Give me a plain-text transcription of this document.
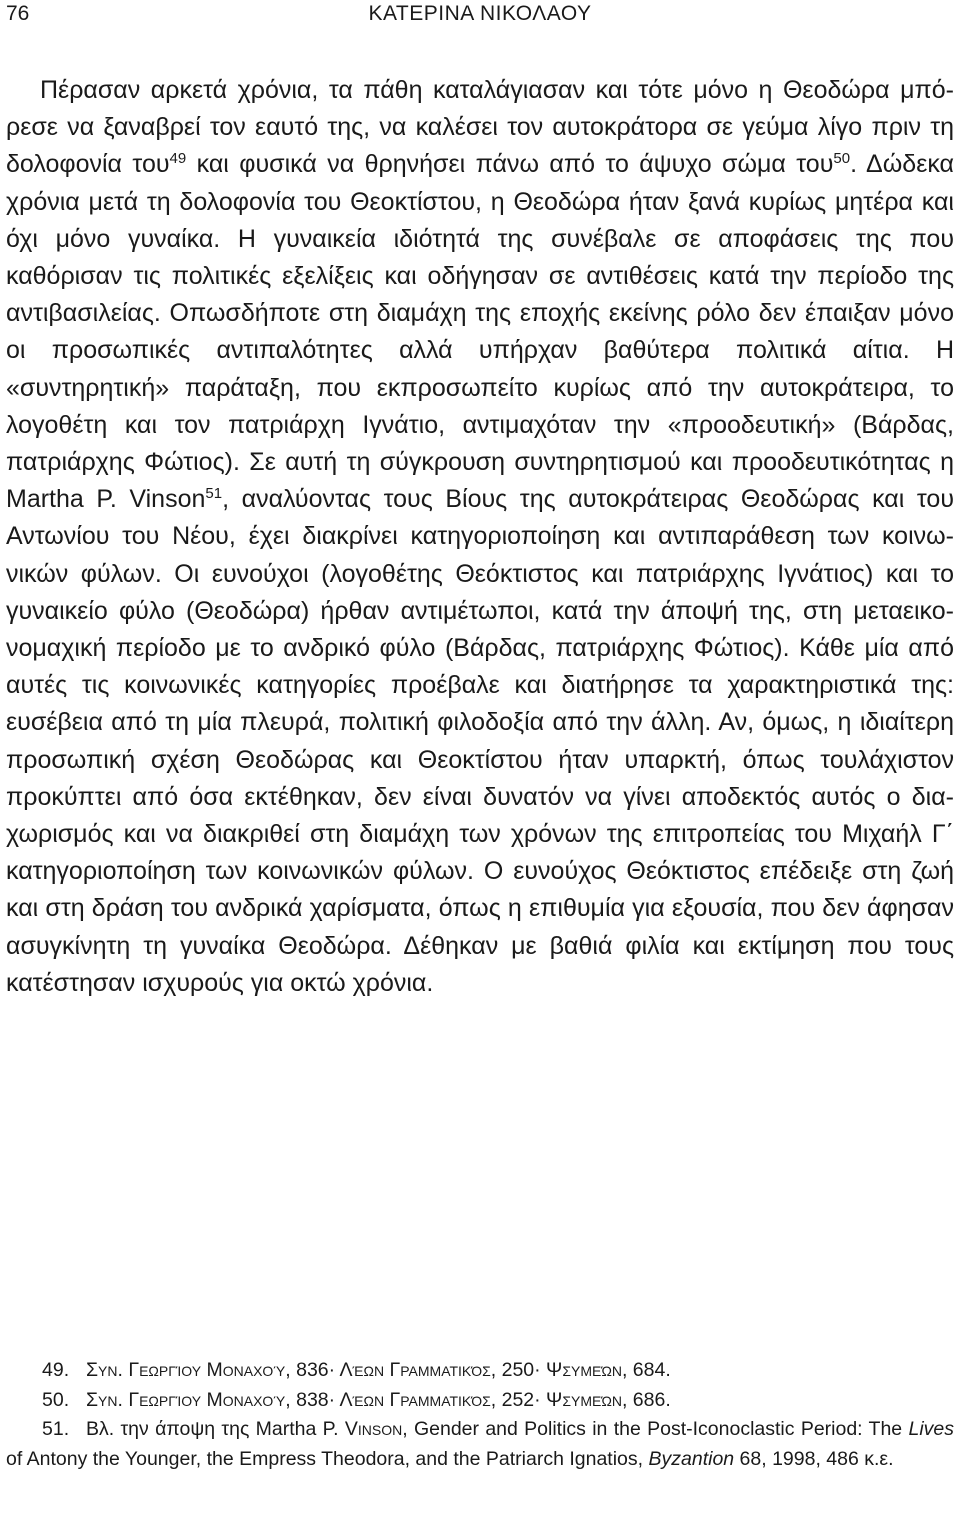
76	ΚΑΤΕΡΙΝΑ ΝΙΚΟΛΑΟΥ

Πέρασαν αρκετά χρόνια, τα πάθη καταλάγιασαν και τότε μόνο η Θεοδώρα μπόρεσε να ξαναβρεί τον εαυτό της, να καλέσει τον αυτοκράτορα σε γεύμα λίγο πριν τη δολοφονία του$^{49}$ και φυσικά να θρηνήσει πάνω από το άψυχο σώμα του$^{50}$. Δώδεκα χρόνια μετά τη δολοφονία του Θεοκτίστου, η Θεοδώρα ήταν ξανά κυρίως μητέρα και όχι μόνο γυναίκα. Η γυναικεία ιδιότητά της συνέβαλε σε αποφάσεις της που καθόρισαν τις πολιτικές εξελίξεις και οδήγησαν σε αντιθέσεις κατά την περίοδο της αντιβασιλείας. Οπωσδήποτε στη διαμάχη της εποχής εκείνης ρόλο δεν έπαιξαν μόνο οι προσωπικές αντιπαλότητες αλλά υπήρχαν βαθύτερα πολιτικά αίτια. Η «συντηρητική» παράταξη, που εκπροσωπείτο κυρίως από την αυτοκράτειρα, το λογοθέτη και τον πατριάρχη Ιγνάτιο, αντιμαχόταν την «προοδευτική» (Βάρδας, πατριάρχης Φώτιος). Σε αυτή τη σύγκρουση συντηρητισμού και προοδευτικότητας η Martha P. Vinson$^{51}$, αναλύοντας τους Βίους της αυτοκράτειρας Θεοδώρας και του Αντωνίου του Νέου, έχει διακρίνει κατηγοριοποίηση και αντιπαράθεση των κοινωνικών φύλων. Οι ευνούχοι (λογοθέτης Θεόκτιστος και πατριάρχης Ιγνάτιος) και το γυναικείο φύλο (Θεοδώρα) ήρθαν αντιμέτωποι, κατά την άποψή της, στη μεταεικονομαχική περίοδο με το ανδρικό φύλο (Βάρδας, πατριάρχης Φώτιος). Κάθε μία από αυτές τις κοινωνικές κατηγορίες προέβαλε και διατήρησε τα χαρακτηριστικά της: ευσέβεια από τη μία πλευρά, πολιτική φιλοδοξία από την άλλη. Αν, όμως, η ιδιαίτερη προσωπική σχέση Θεοδώρας και Θεοκτίστου ήταν υπαρκτή, όπως τουλάχιστον προκύπτει από όσα εκτέθηκαν, δεν είναι δυνατόν να γίνει αποδεκτός αυτός ο διαχωρισμός και να διακριθεί στη διαμάχη των χρόνων της επιτροπείας του Μιχαήλ Γ΄ κατηγοριοποίηση των κοινωνικών φύλων. Ο ευνούχος Θεόκτιστος επέδειξε στη ζωή και στη δράση του ανδρικά χαρίσματα, όπως η επιθυμία για εξουσία, που δεν άφησαν ασυγκίνητη τη γυναίκα Θεοδώρα. Δέθηκαν με βαθιά φιλία και εκτίμηση που τους κατέστησαν ισχυρούς για οκτώ χρόνια.

49. Συν. Γεωργίου Μοναχού, 836· Λέων Γραμματικός, 250· Ψσυμεών, 684.

50. Συν. Γεωργίου Μοναχού, 838· Λέων Γραμματικός, 252· Ψσυμεών, 686.

51. Βλ. την άποψη της Martha P. Vinson, Gender and Politics in the Post-Iconoclastic Period: The Lives of Antony the Younger, the Empress Theodora, and the Patriarch Ignatios, Byzantion 68, 1998, 486 κ.ε.
